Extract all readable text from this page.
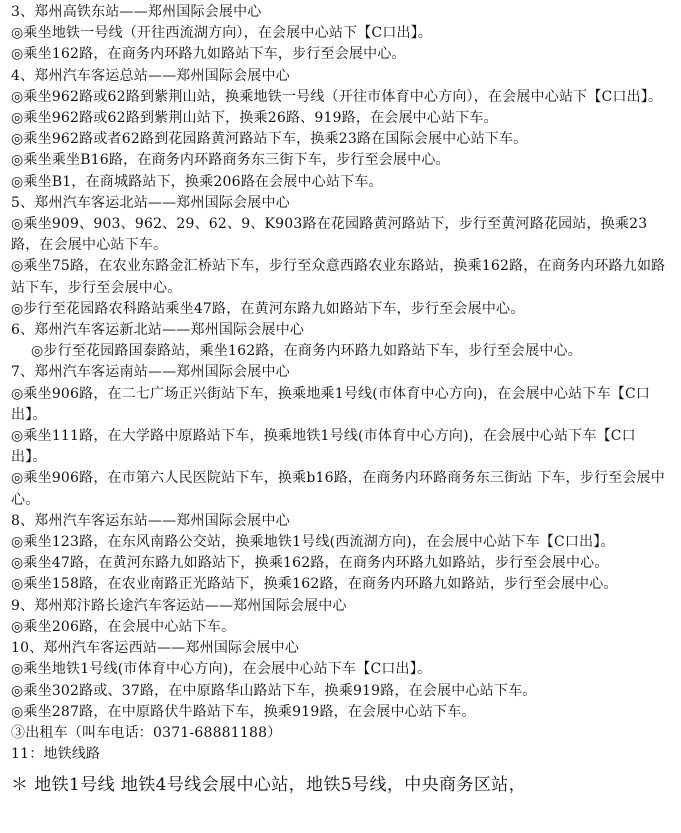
3、郑州高铁东站——郑州国际会展中心
◎乘坐地铁一号线（开往西流湖方向），在会展中心站下【C口出】。
◎乘坐162路，在商务内环路九如路站下车，步行至会展中心。
4、郑州汽车客运总站——郑州国际会展中心
◎乘坐962路或62路到紫荆山站，换乘地铁一号线（开往市体育中心方向），在会展中心站下【C口出】。
◎乘坐962路或62路到紫荆山站下，换乘26路、919路，在会展中心站下车。
◎乘坐962路或者62路到花园路黄河路站下车，换乘23路在国际会展中心站下车。
◎乘坐乘坐B16路，在商务内环路商务东三街下车，步行至会展中心。
◎乘坐B1，在商城路站下，换乘206路在会展中心站下车。
5、郑州汽车客运北站——郑州国际会展中心
◎乘坐909、903、962、29、62、9、K903路在花园路黄河路站下，步行至黄河路花园站，换乘23路，在会展中心站下车。
◎乘坐75路，在农业东路金汇桥站下车，步行至众意西路农业东路站，换乘162路，在商务内环路九如路站下车，步行至会展中心。
◎步行至花园路农科路站乘坐47路，在黄河东路九如路站下车，步行至会展中心。
6、郑州汽车客运新北站——郑州国际会展中心
◎步行至花园路国泰路站，乘坐162路，在商务内环路九如路站下车，步行至会展中心。
7、郑州汽车客运南站——郑州国际会展中心
◎乘坐906路，在二七广场正兴街站下车，换乘地乘1号线(市体育中心方向)，在会展中心站下车【C口出】。
◎乘坐111路，在大学路中原路站下车，换乘地铁1号线(市体育中心方向)，在会展中心站下车【C口出】。
◎乘坐906路，在市第六人民医院站下车，换乘b16路，在商务内环路商务东三街站 下车，步行至会展中心。
8、郑州汽车客运东站——郑州国际会展中心
◎乘坐123路，在东风南路公交站，换乘地铁1号线(西流湖方向)，在会展中心站下车【C口出】。
◎乘坐47路，在黄河东路九如路站下，换乘162路，在商务内环路九如路站，步行至会展中心。
◎乘坐158路，在农业南路正光路站下，换乘162路，在商务内环路九如路站，步行至会展中心。
9、郑州郑汴路长途汽车客运站——郑州国际会展中心
◎乘坐206路，在会展中心站下车。
10、郑州汽车客运西站——郑州国际会展中心
◎乘坐地铁1号线(市体育中心方向)，在会展中心站下车【C口出】。
◎乘坐302路或、37路，在中原路华山路站下车，换乘919路，在会展中心站下车。
◎乘坐287路，在中原路伏牛路站下车，换乘919路，在会展中心站下车。
③出租车（叫车电话：0371-68881188）
11：地铁线路
＊ 地铁1号线 地铁4号线会展中心站，地铁5号线，中央商务区站，
